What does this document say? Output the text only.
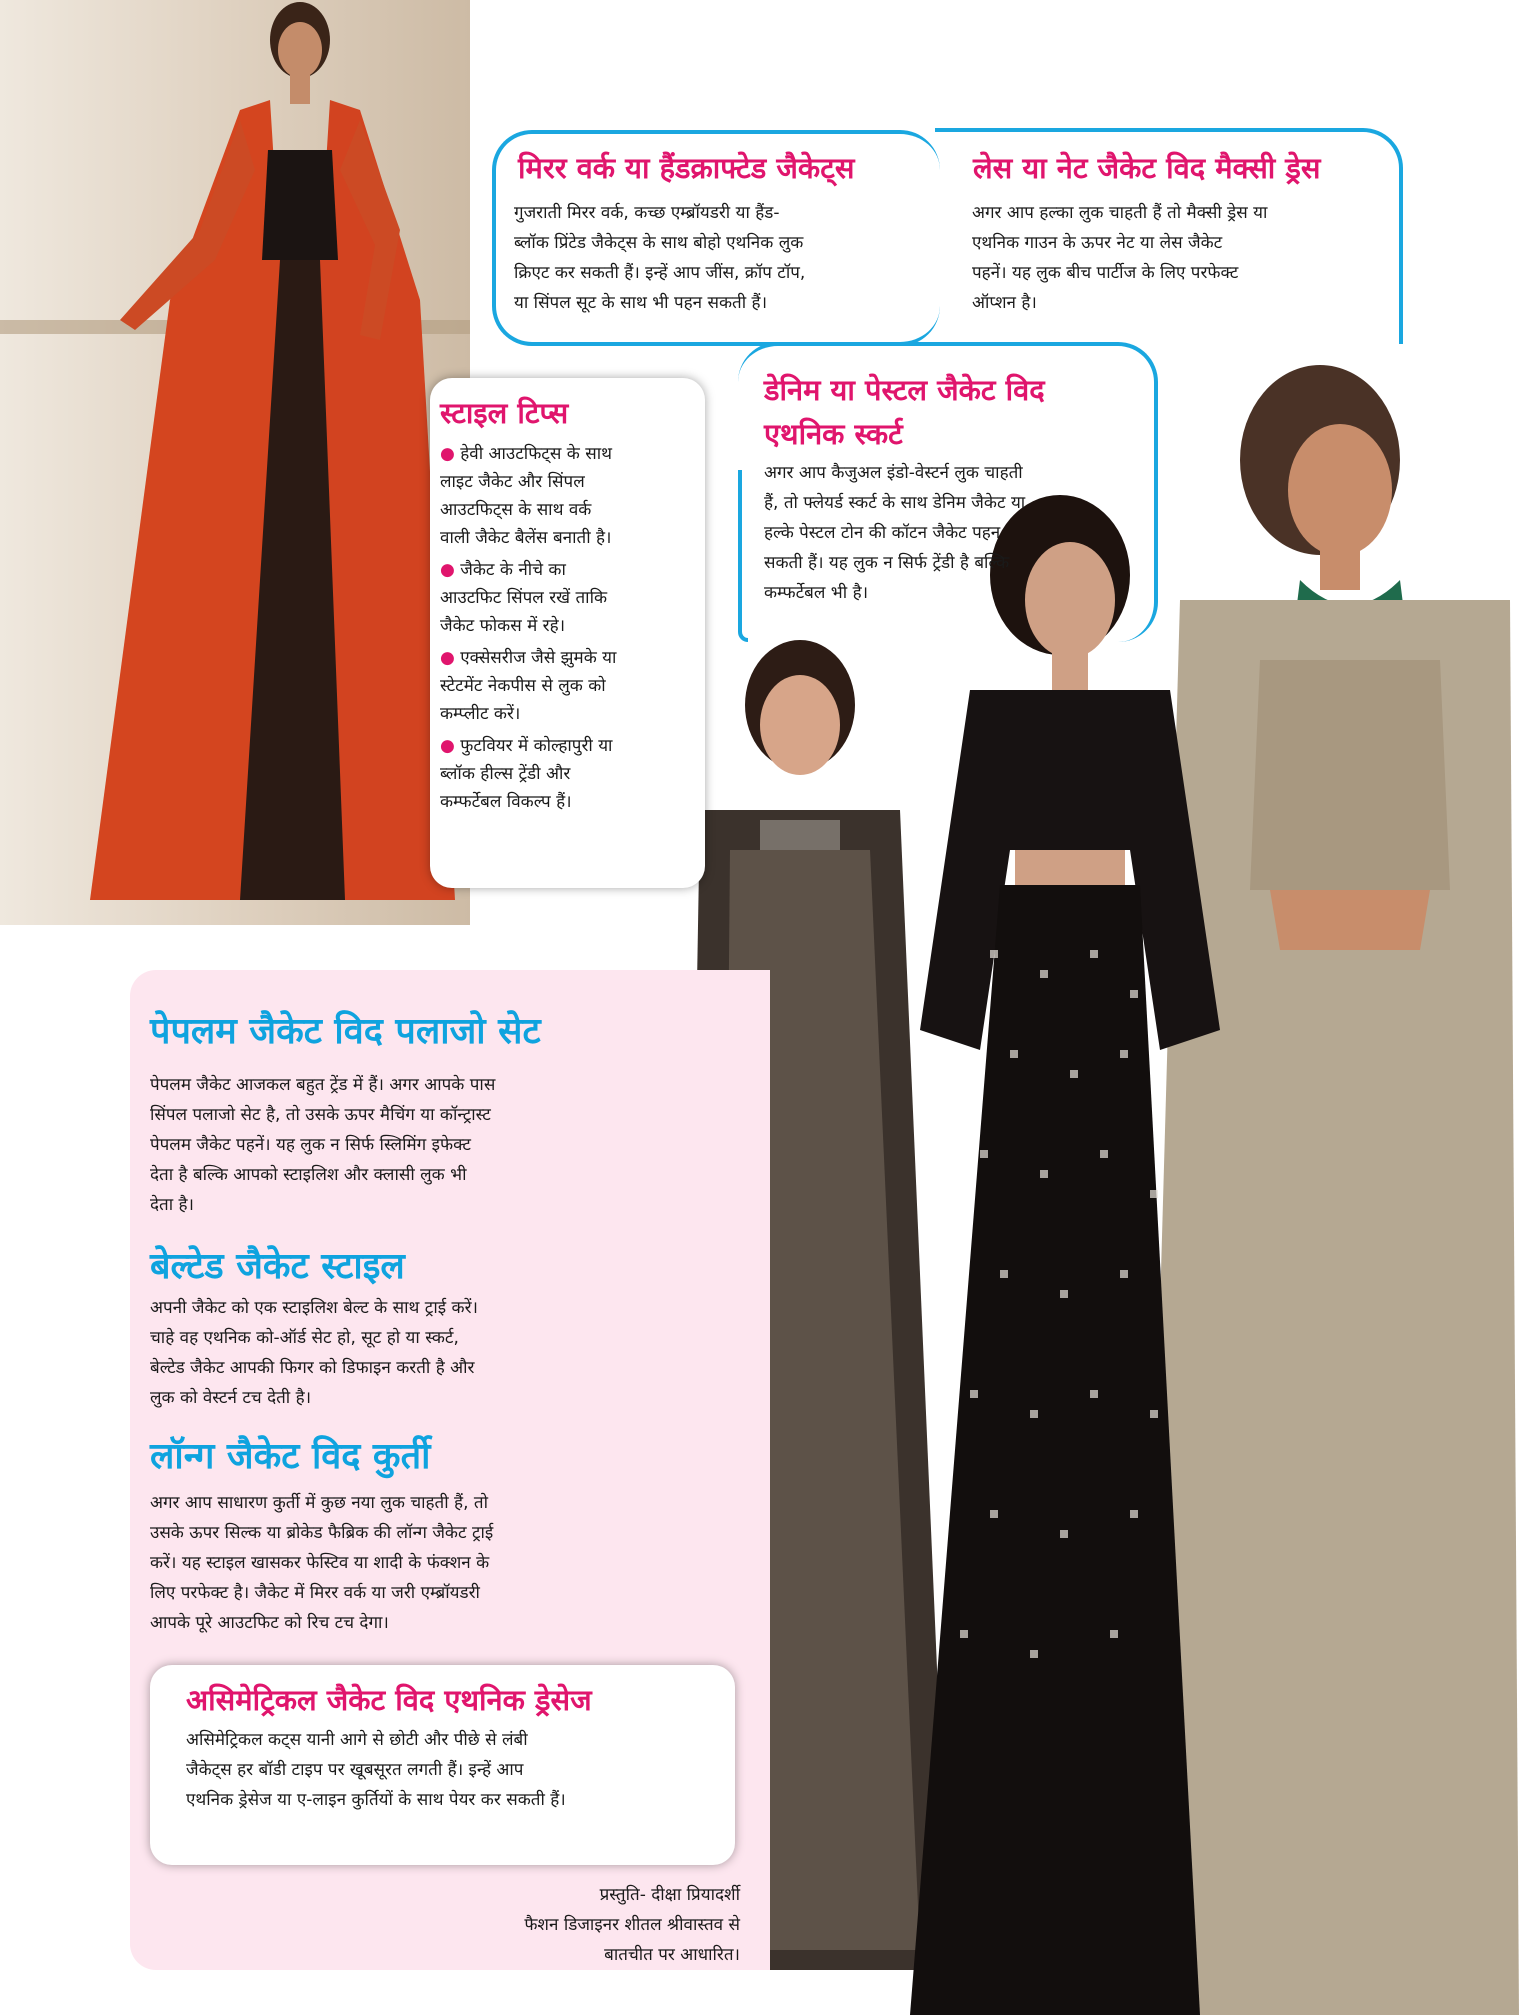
मिरर वर्क या हैंडक्राफ्टेड जैकेट्स
गुजराती मिरर वर्क, कच्छ एम्ब्रॉयडरी या हैंड-
ब्लॉक प्रिंटेड जैकेट्स के साथ बोहो एथनिक लुक
क्रिएट कर सकती हैं। इन्हें आप जींस, क्रॉप टॉप,
या सिंपल सूट के साथ भी पहन सकती हैं।
लेस या नेट जैकेट विद मैक्सी ड्रेस
अगर आप हल्का लुक चाहती हैं तो मैक्सी ड्रेस या
एथनिक गाउन के ऊपर नेट या लेस जैकेट
पहनें। यह लुक बीच पार्टीज के लिए परफेक्ट
ऑप्शन है।
डेनिम या पेस्टल जैकेट विद
एथनिक स्कर्ट
अगर आप कैजुअल इंडो-वेस्टर्न लुक चाहती
हैं, तो फ्लेयर्ड स्कर्ट के साथ डेनिम जैकेट या
हल्के पेस्टल टोन की कॉटन जैकेट पहन
सकती हैं। यह लुक न सिर्फ ट्रेंडी है बल्कि
कम्फर्टेबल भी है।
स्टाइल टिप्स
● हेवी आउटफिट्स के साथ
लाइट जैकेट और सिंपल
आउटफिट्स के साथ वर्क
वाली जैकेट बैलेंस बनाती है।
● जैकेट के नीचे का
आउटफिट सिंपल रखें ताकि
जैकेट फोकस में रहे।
● एक्सेसरीज जैसे झुमके या
स्टेटमेंट नेकपीस से लुक को
कम्प्लीट करें।
● फुटवियर में कोल्हापुरी या
ब्लॉक हील्स ट्रेंडी और
कम्फर्टेबल विकल्प हैं।
पेपलम जैकेट विद पलाजो सेट
पेपलम जैकेट आजकल बहुत ट्रेंड में हैं। अगर आपके पास
सिंपल पलाजो सेट है, तो उसके ऊपर मैचिंग या कॉन्ट्रास्ट
पेपलम जैकेट पहनें। यह लुक न सिर्फ स्लिमिंग इफेक्ट
देता है बल्कि आपको स्टाइलिश और क्लासी लुक भी
देता है।
बेल्टेड जैकेट स्टाइल
अपनी जैकेट को एक स्टाइलिश बेल्ट के साथ ट्राई करें।
चाहे वह एथनिक को-ऑर्ड सेट हो, सूट हो या स्कर्ट,
बेल्टेड जैकेट आपकी फिगर को डिफाइन करती है और
लुक को वेस्टर्न टच देती है।
लॉन्ग जैकेट विद कुर्ती
अगर आप साधारण कुर्ती में कुछ नया लुक चाहती हैं, तो
उसके ऊपर सिल्क या ब्रोकेड फैब्रिक की लॉन्ग जैकेट ट्राई
करें। यह स्टाइल खासकर फेस्टिव या शादी के फंक्शन के
लिए परफेक्ट है। जैकेट में मिरर वर्क या जरी एम्ब्रॉयडरी
आपके पूरे आउटफिट को रिच टच देगा।
असिमेट्रिकल जैकेट विद एथनिक ड्रेसेज
असिमेट्रिकल कट्स यानी आगे से छोटी और पीछे से लंबी
जैकेट्स हर बॉडी टाइप पर खूबसूरत लगती हैं। इन्हें आप
एथनिक ड्रेसेज या ए-लाइन कुर्तियों के साथ पेयर कर सकती हैं।
प्रस्तुति- दीक्षा प्रियादर्शी
फैशन डिजाइनर शीतल श्रीवास्तव से
बातचीत पर आधारित।
